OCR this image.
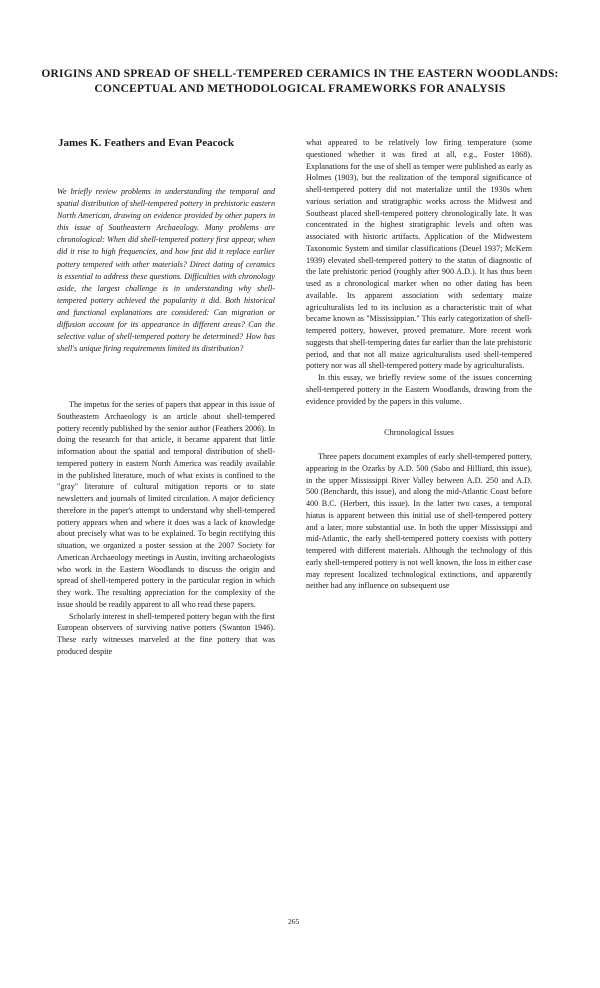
ORIGINS AND SPREAD OF SHELL-TEMPERED CERAMICS IN THE EASTERN WOODLANDS: CONCEPTUAL AND METHODOLOGICAL FRAMEWORKS FOR ANALYSIS
James K. Feathers and Evan Peacock

We briefly review problems in understanding the temporal and spatial distribution of shell-tempered pottery in prehistoric eastern North American, drawing on evidence provided by other papers in this issue of Southeastern Archaeology. Many problems are chronological: When did shell-tempered pottery first appear, when did it rise to high frequencies, and how fast did it replace earlier pottery tempered with other materials? Direct dating of ceramics is essential to address these questions. Difficulties with chronology aside, the largest challenge is in understanding why shell-tempered pottery achieved the popularity it did. Both historical and functional explanations are considered: Can migration or diffusion account for its appearance in different areas? Can the selective value of shell-tempered pottery be determined? How has shell's unique firing requirements limited its distribution?

The impetus for the series of papers that appear in this issue of Southeastern Archaeology is an article about shell-tempered pottery recently published by the senior author (Feathers 2006). In doing the research for that article, it became apparent that little information about the spatial and temporal distribution of shell-tempered pottery in eastern North America was readily available in the published literature, much of what exists is confined to the "gray" literature of cultural mitigation reports or to state newsletters and journals of limited circulation. A major deficiency therefore in the paper's attempt to understand why shell-tempered pottery appears when and where it does was a lack of knowledge about precisely what was to be explained. To begin rectifying this situation, we organized a poster session at the 2007 Society for American Archaeology meetings in Austin, inviting archaeologists who work in the Eastern Woodlands to discuss the origin and spread of shell-tempered pottery in the particular region in which they work. The resulting appreciation for the complexity of the issue should be readily apparent to all who read these papers.

Scholarly interest in shell-tempered pottery began with the first European observers of surviving native potters (Swanton 1946). These early witnesses marveled at the fine pottery that was produced despite

what appeared to be relatively low firing temperature (some questioned whether it was fired at all, e.g., Foster 1868). Explanations for the use of shell as temper were published as early as Holmes (1903), but the realization of the temporal significance of shell-tempered pottery did not materialize until the 1930s when various seriation and stratigraphic works across the Midwest and Southeast placed shell-tempered pottery chronologically late. It was concentrated in the highest stratigraphic levels and often was associated with historic artifacts. Application of the Midwestern Taxonomic System and similar classifications (Deuel 1937; McKern 1939) elevated shell-tempered pottery to the status of diagnostic of the late prehistoric period (roughly after 900 A.D.). It has thus been used as a chronological marker when no other dating has been available. Its apparent association with sedentary maize agriculturalists led to its inclusion as a characteristic trait of what became known as "Mississippian." This early categorization of shell-tempered pottery, however, proved premature. More recent work suggests that shell-tempering dates far earlier than the late prehistoric period, and that not all maize agriculturalists used shell-tempered pottery nor was all shell-tempered pottery made by agriculturalists.

In this essay, we briefly review some of the issues concerning shell-tempered pottery in the Eastern Woodlands, drawing from the evidence provided by the papers in this volume.

Chronological Issues

Three papers document examples of early shell-tempered pottery, appearing in the Ozarks by A.D. 500 (Sabo and Hilliard, this issue), in the upper Mississippi River Valley between A.D. 250 and A.D. 500 (Benchardt, this issue), and along the mid-Atlantic Coast before 400 B.C. (Herbert, this issue). In the latter two cases, a temporal hiatus is apparent between this initial use of shell-tempered pottery and a later, more substantial use. In both the upper Mississippi and mid-Atlantic, the early shell-tempered pottery coexists with pottery tempered with different materials. Although the technology of this early shell-tempered pottery is not well known, the loss in either case may represent localized technological extinctions, and apparently neither had any influence on subsequent use

265
